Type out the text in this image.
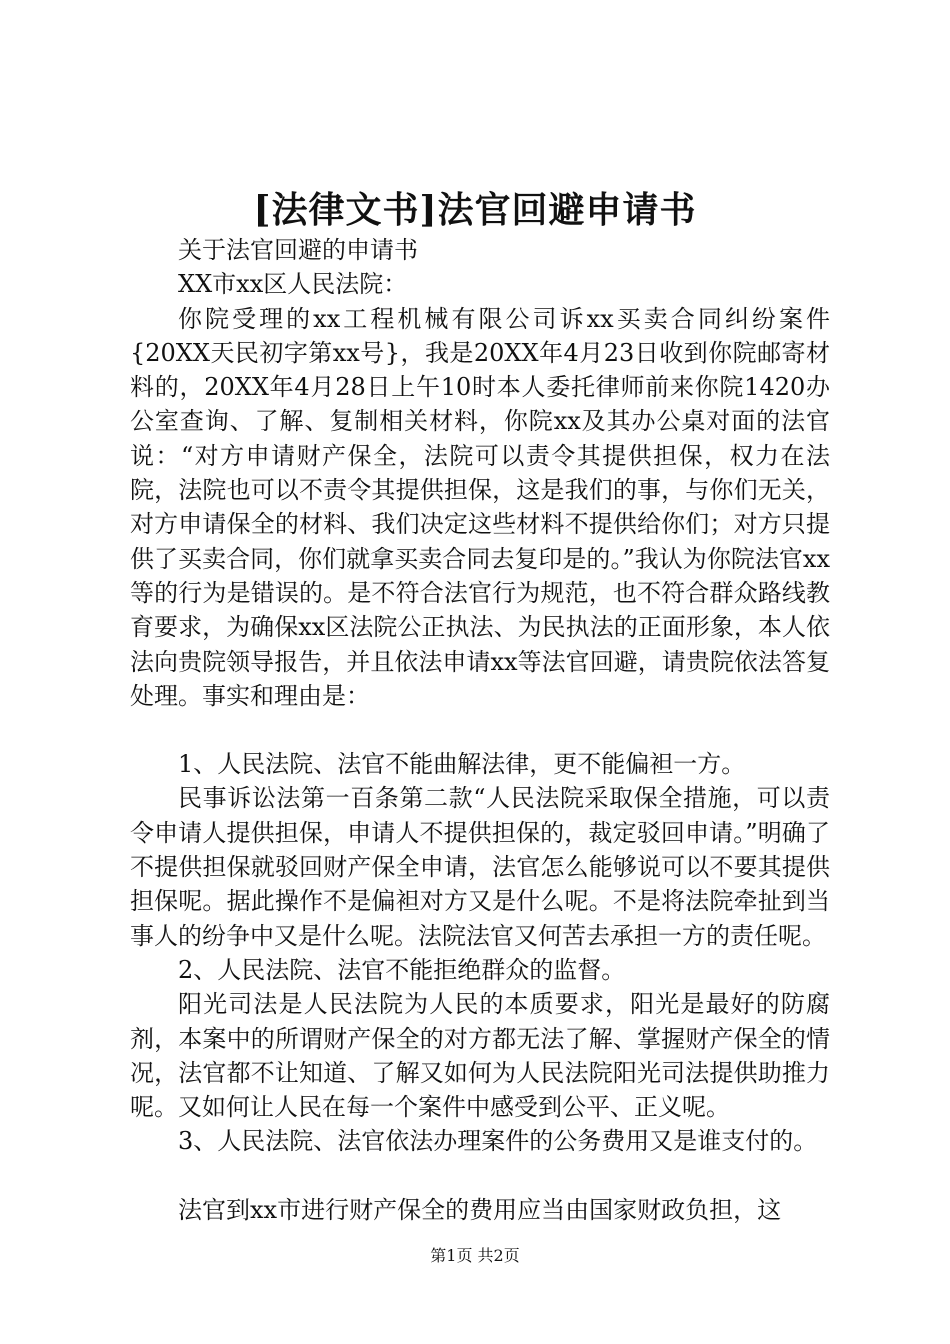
[法律文书]法官回避申请书

关于法官回避的申请书

XX市xx区人民法院：

你院受理的xx工程机械有限公司诉xx买卖合同纠纷案件{20XX天民初字第xx号}，我是20XX年4月23日收到你院邮寄材料的，20XX年4月28日上午10时本人委托律师前来你院1420办公室查询、了解、复制相关材料，你院xx及其办公桌对面的法官说：“对方申请财产保全，法院可以责令其提供担保，权力在法院，法院也可以不责令其提供担保，这是我们的事，与你们无关，对方申请保全的材料、我们决定这些材料不提供给你们；对方只提供了买卖合同，你们就拿买卖合同去复印是的。”我认为你院法官xx等的行为是错误的。是不符合法官行为规范，也不符合群众路线教育要求，为确保xx区法院公正执法、为民执法的正面形象，本人依法向贵院领导报告，并且依法申请xx等法官回避，请贵院依法答复处理。事实和理由是：

1、人民法院、法官不能曲解法律，更不能偏袒一方。

民事诉讼法第一百条第二款“人民法院采取保全措施，可以责令申请人提供担保，申请人不提供担保的，裁定驳回申请。”明确了不提供担保就驳回财产保全申请，法官怎么能够说可以不要其提供担保呢。据此操作不是偏袒对方又是什么呢。不是将法院牵扯到当事人的纷争中又是什么呢。法院法官又何苦去承担一方的责任呢。

2、人民法院、法官不能拒绝群众的监督。

阳光司法是人民法院为人民的本质要求，阳光是最好的防腐剂，本案中的所谓财产保全的对方都无法了解、掌握财产保全的情况，法官都不让知道、了解又如何为人民法院阳光司法提供助推力呢。又如何让人民在每一个案件中感受到公平、正义呢。

3、人民法院、法官依法办理案件的公务费用又是谁支付的。

法官到xx市进行财产保全的费用应当由国家财政负担，这

第1页 共2页
